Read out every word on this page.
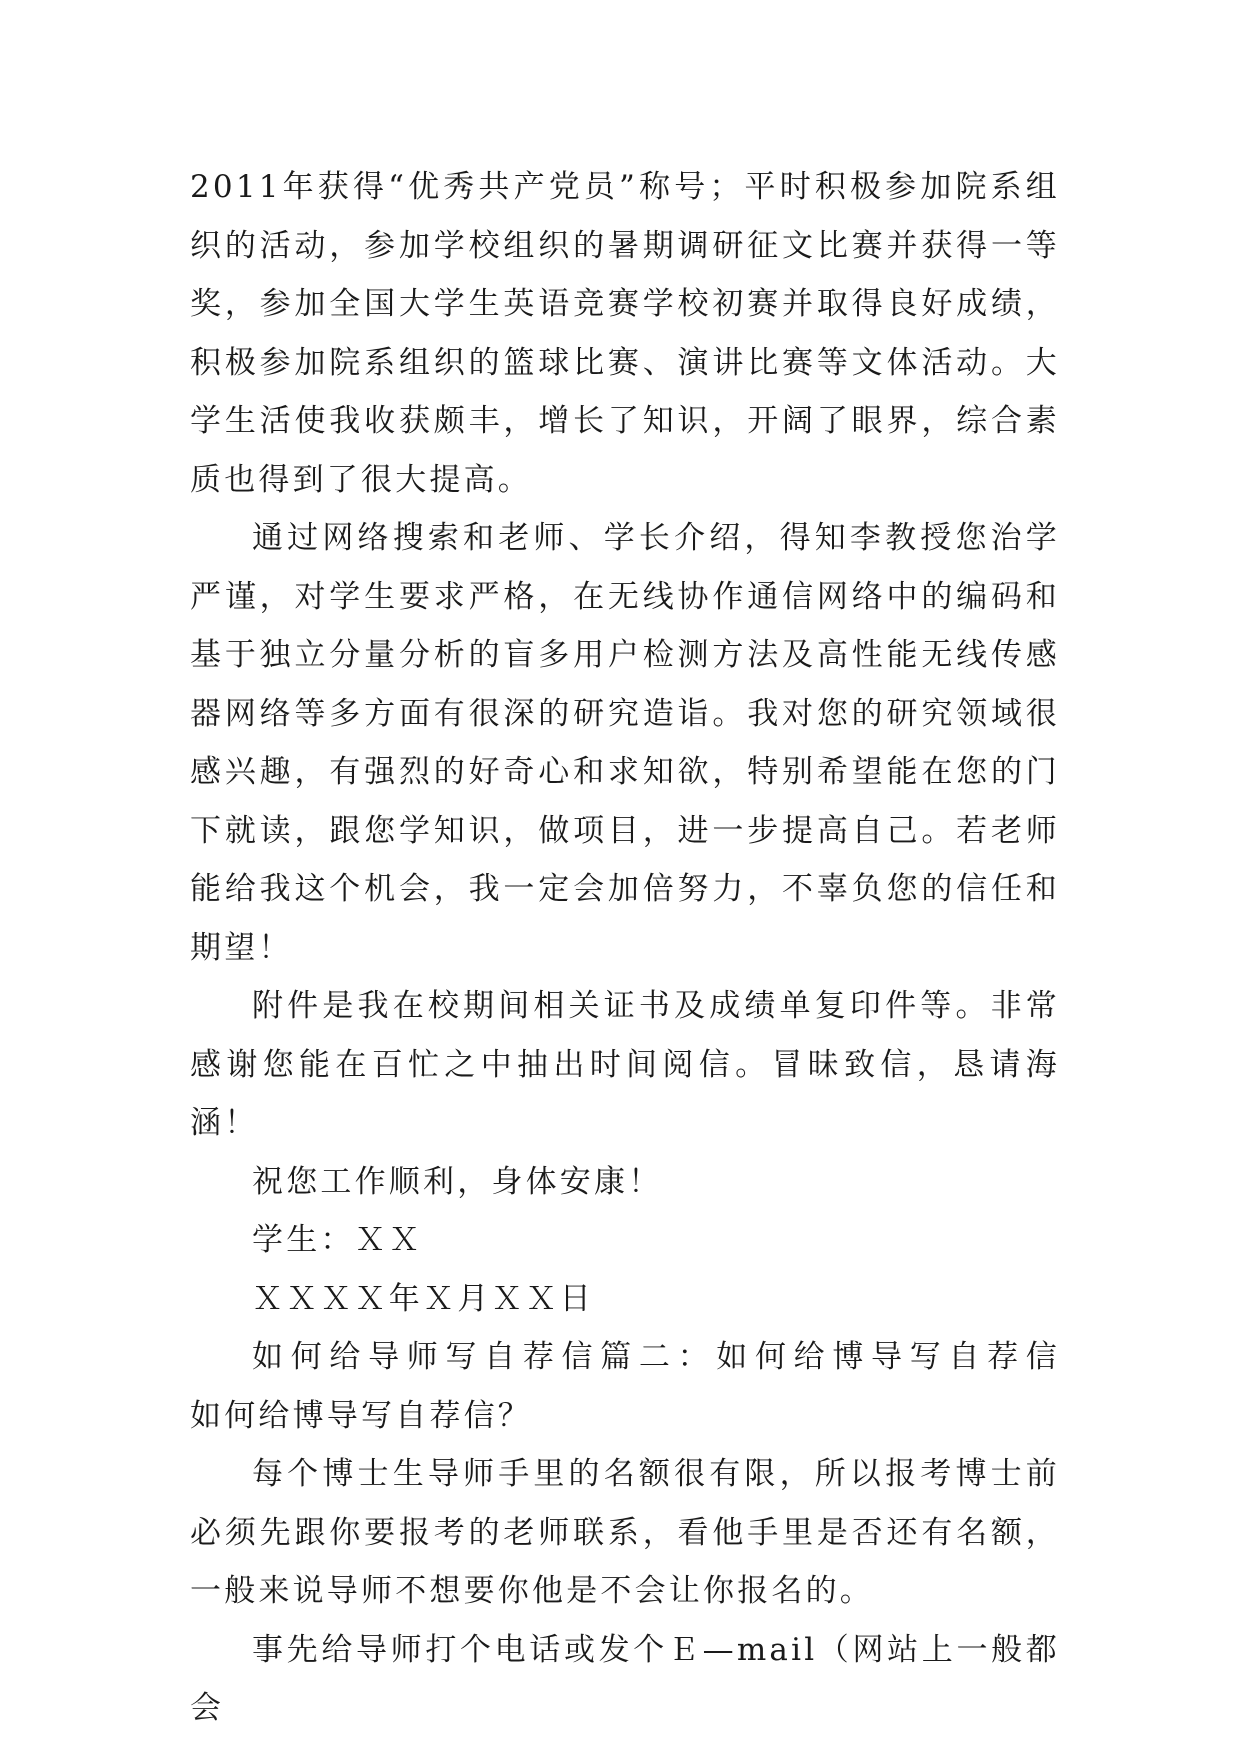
2011年获得“优秀共产党员”称号；平时积极参加院系组织的活动，参加学校组织的暑期调研征文比赛并获得一等奖，参加全国大学生英语竞赛学校初赛并取得良好成绩，积极参加院系组织的篮球比赛、演讲比赛等文体活动。大学生活使我收获颇丰，增长了知识，开阔了眼界，综合素质也得到了很大提高。

通过网络搜索和老师、学长介绍，得知李教授您治学严谨，对学生要求严格，在无线协作通信网络中的编码和基于独立分量分析的盲多用户检测方法及高性能无线传感器网络等多方面有很深的研究造诣。我对您的研究领域很感兴趣，有强烈的好奇心和求知欲，特别希望能在您的门下就读，跟您学知识，做项目，进一步提高自己。若老师能给我这个机会，我一定会加倍努力，不辜负您的信任和期望！

附件是我在校期间相关证书及成绩单复印件等。非常感谢您能在百忙之中抽出时间阅信。冒昧致信，恳请海涵！

祝您工作顺利，身体安康！

学生：ＸＸ

ＸＸＸＸ年Ｘ月ＸＸ日

如何给导师写自荐信篇二：如何给博导写自荐信　　如何给博导写自荐信？

每个博士生导师手里的名额很有限，所以报考博士前必须先跟你要报考的老师联系，看他手里是否还有名额，一般来说导师不想要你他是不会让你报名的。

事先给导师打个电话或发个Ｅ—mail（网站上一般都会
